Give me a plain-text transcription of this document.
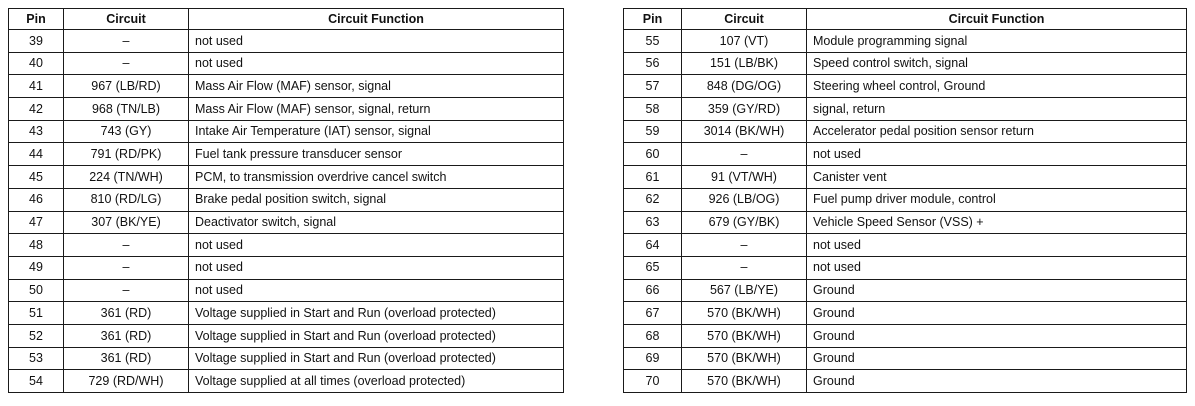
Pin	Circuit	Circuit Function
39	–	not used
40	–	not used
41	967 (LB/RD)	Mass Air Flow (MAF) sensor, signal
42	968 (TN/LB)	Mass Air Flow (MAF) sensor, signal, return
43	743 (GY)	Intake Air Temperature (IAT) sensor, signal
44	791 (RD/PK)	Fuel tank pressure transducer sensor
45	224 (TN/WH)	PCM, to transmission overdrive cancel switch
46	810 (RD/LG)	Brake pedal position switch, signal
47	307 (BK/YE)	Deactivator switch, signal
48	–	not used
49	–	not used
50	–	not used
51	361 (RD)	Voltage supplied in Start and Run (overload protected)
52	361 (RD)	Voltage supplied in Start and Run (overload protected)
53	361 (RD)	Voltage supplied in Start and Run (overload protected)
54	729 (RD/WH)	Voltage supplied at all times (overload protected)
Pin	Circuit	Circuit Function
55	107 (VT)	Module programming signal
56	151 (LB/BK)	Speed control switch, signal
57	848 (DG/OG)	Steering wheel control, Ground
58	359 (GY/RD)	signal, return
59	3014 (BK/WH)	Accelerator pedal position sensor return
60	–	not used
61	91 (VT/WH)	Canister vent
62	926 (LB/OG)	Fuel pump driver module, control
63	679 (GY/BK)	Vehicle Speed Sensor (VSS) +
64	–	not used
65	–	not used
66	567 (LB/YE)	Ground
67	570 (BK/WH)	Ground
68	570 (BK/WH)	Ground
69	570 (BK/WH)	Ground
70	570 (BK/WH)	Ground
